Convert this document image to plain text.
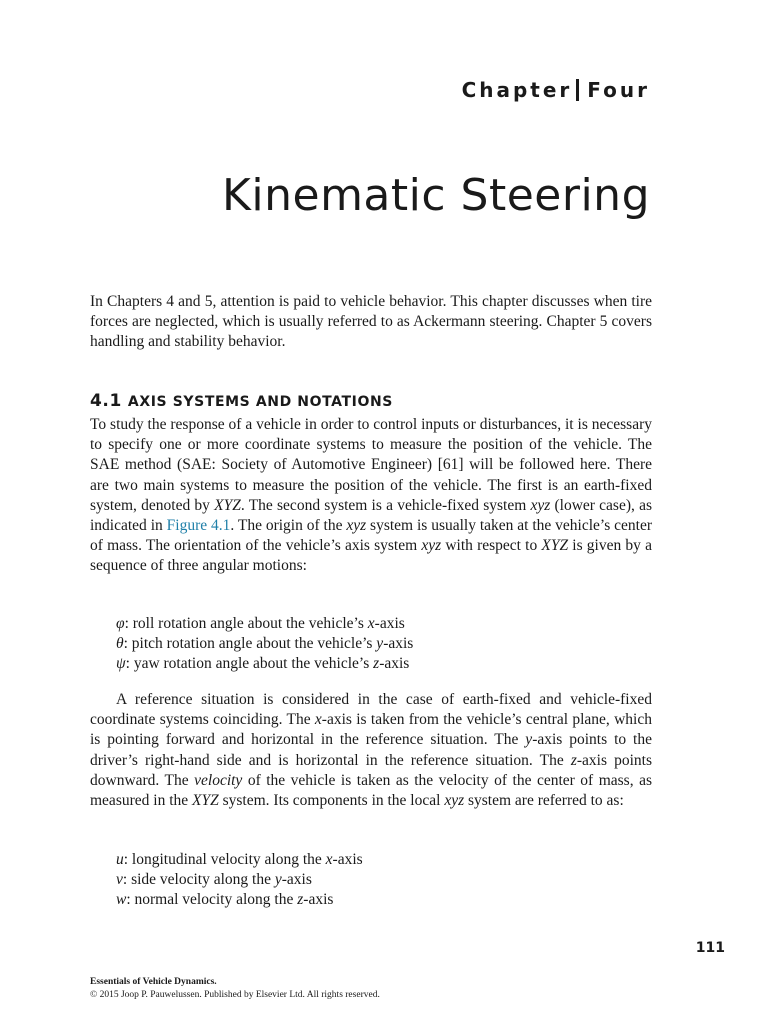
Chapter Four
Kinematic Steering

In Chapters 4 and 5, attention is paid to vehicle behavior. This chapter discusses when tire forces are neglected, which is usually referred to as Ackermann steering. Chapter 5 covers handling and stability behavior.

4.1 AXIS SYSTEMS AND NOTATIONS

To study the response of a vehicle in order to control inputs or disturbances, it is necessary to specify one or more coordinate systems to measure the position of the vehicle. The SAE method (SAE: Society of Automotive Engineer) [61] will be followed here. There are two main systems to measure the position of the vehicle. The first is an earth-fixed system, denoted by XYZ. The second system is a vehicle-fixed system xyz (lower case), as indicated in Figure 4.1. The origin of the xyz system is usually taken at the vehicle’s center of mass. The orientation of the vehicle’s axis system xyz with respect to XYZ is given by a sequence of three angular motions:

φ: roll rotation angle about the vehicle’s x-axis
θ: pitch rotation angle about the vehicle’s y-axis
ψ: yaw rotation angle about the vehicle’s z-axis

A reference situation is considered in the case of earth-fixed and vehicle-fixed coordinate systems coinciding. The x-axis is taken from the vehicle’s central plane, which is pointing forward and horizontal in the reference situation. The y-axis points to the driver’s right-hand side and is horizontal in the reference situation. The z-axis points downward. The velocity of the vehicle is taken as the velocity of the center of mass, as measured in the XYZ system. Its components in the local xyz system are referred to as:

u: longitudinal velocity along the x-axis
v: side velocity along the y-axis
w: normal velocity along the z-axis
111
Essentials of Vehicle Dynamics.
© 2015 Joop P. Pauwelussen. Published by Elsevier Ltd. All rights reserved.
